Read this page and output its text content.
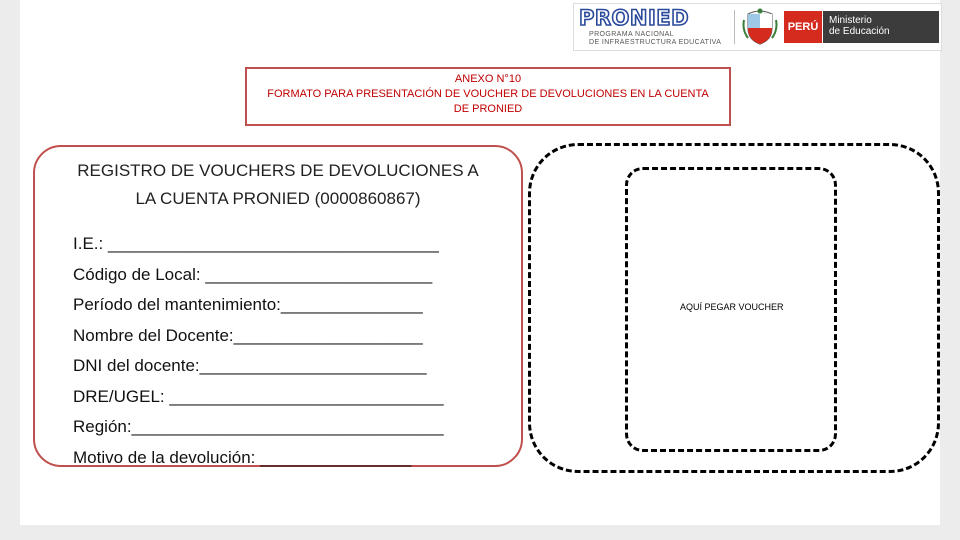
PRONIED
PROGRAMA NACIONAL
DE INFRAESTRUCTURA EDUCATIVA
PERÚ
Ministerio
de Educación
ANEXO N°10
FORMATO PARA PRESENTACIÓN DE VOUCHER DE DEVOLUCIONES EN LA CUENTA
DE PRONIED
REGISTRO DE VOUCHERS DE DEVOLUCIONES A
LA CUENTA PRONIED (0000860867)
I.E.: ___________________________________
Código de Local: ________________________
Período del mantenimiento:_______________
Nombre del Docente:____________________
DNI del docente:________________________
DRE/UGEL: _____________________________
Región:_________________________________
Motivo de la devolución: ________________
AQUÍ PEGAR VOUCHER
